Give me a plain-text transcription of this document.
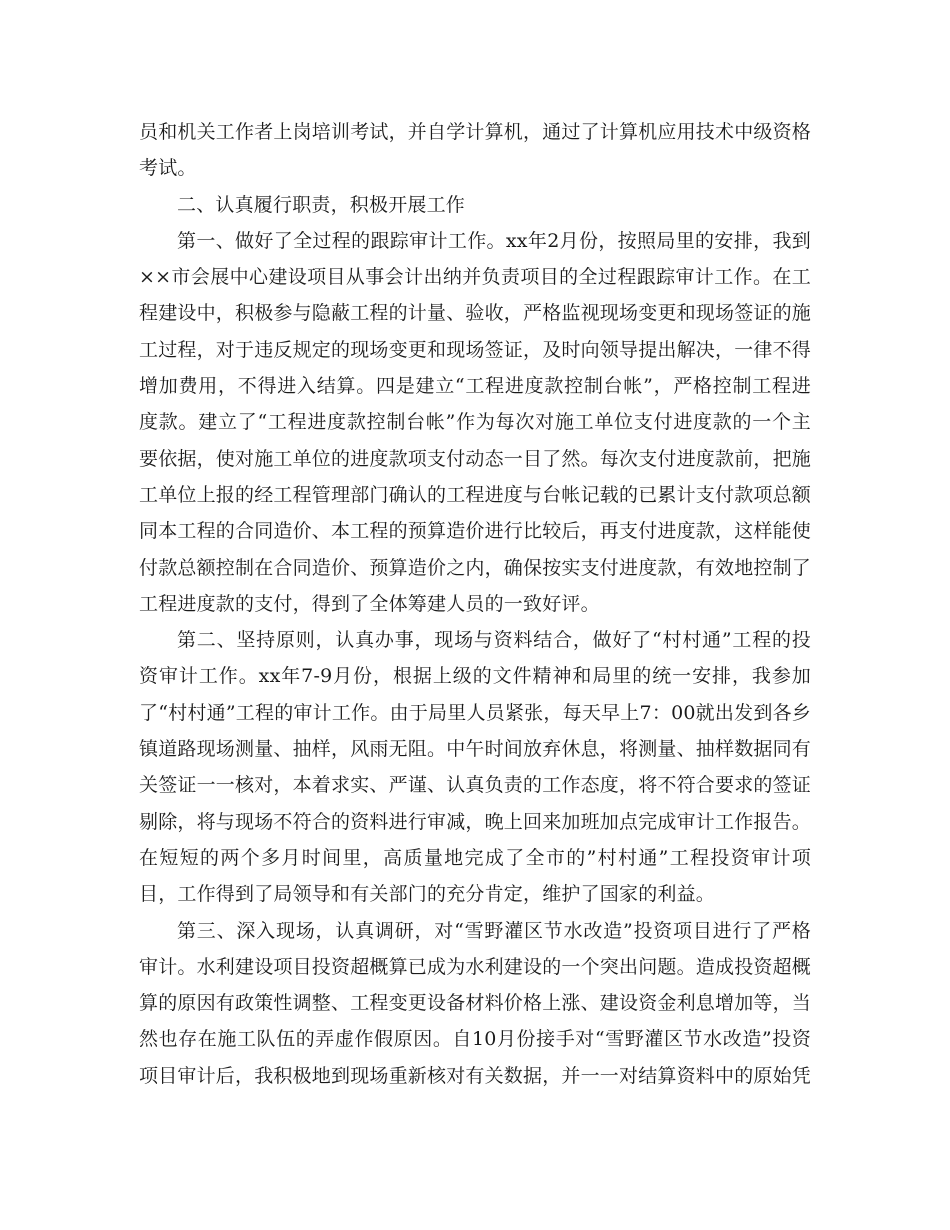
员和机关工作者上岗培训考试，并自学计算机，通过了计算机应用技术中级资格考试。

二、认真履行职责，积极开展工作

第一、做好了全过程的跟踪审计工作。xx年2月份，按照局里的安排，我到××市会展中心建设项目从事会计出纳并负责项目的全过程跟踪审计工作。在工程建设中，积极参与隐蔽工程的计量、验收，严格监视现场变更和现场签证的施工过程，对于违反规定的现场变更和现场签证，及时向领导提出解决，一律不得增加费用，不得进入结算。四是建立“工程进度款控制台帐”，严格控制工程进度款。建立了“工程进度款控制台帐”作为每次对施工单位支付进度款的一个主要依据，使对施工单位的进度款项支付动态一目了然。每次支付进度款前，把施工单位上报的经工程管理部门确认的工程进度与台帐记载的已累计支付款项总额同本工程的合同造价、本工程的预算造价进行比较后，再支付进度款，这样能使付款总额控制在合同造价、预算造价之内，确保按实支付进度款，有效地控制了工程进度款的支付，得到了全体筹建人员的一致好评。

第二、坚持原则，认真办事，现场与资料结合，做好了“村村通”工程的投资审计工作。xx年7-9月份，根据上级的文件精神和局里的统一安排，我参加了“村村通”工程的审计工作。由于局里人员紧张，每天早上7：00就出发到各乡镇道路现场测量、抽样，风雨无阻。中午时间放弃休息，将测量、抽样数据同有关签证一一核对，本着求实、严谨、认真负责的工作态度，将不符合要求的签证剔除，将与现场不符合的资料进行审减，晚上回来加班加点完成审计工作报告。在短短的两个多月时间里，高质量地完成了全市的”村村通”工程投资审计项目，工作得到了局领导和有关部门的充分肯定，维护了国家的利益。

第三、深入现场，认真调研，对“雪野灌区节水改造”投资项目进行了严格审计。水利建设项目投资超概算已成为水利建设的一个突出问题。造成投资超概算的原因有政策性调整、工程变更设备材料价格上涨、建设资金利息增加等，当然也存在施工队伍的弄虚作假原因。自10月份接手对“雪野灌区节水改造”投资项目审计后，我积极地到现场重新核对有关数据，并一一对结算资料中的原始凭
